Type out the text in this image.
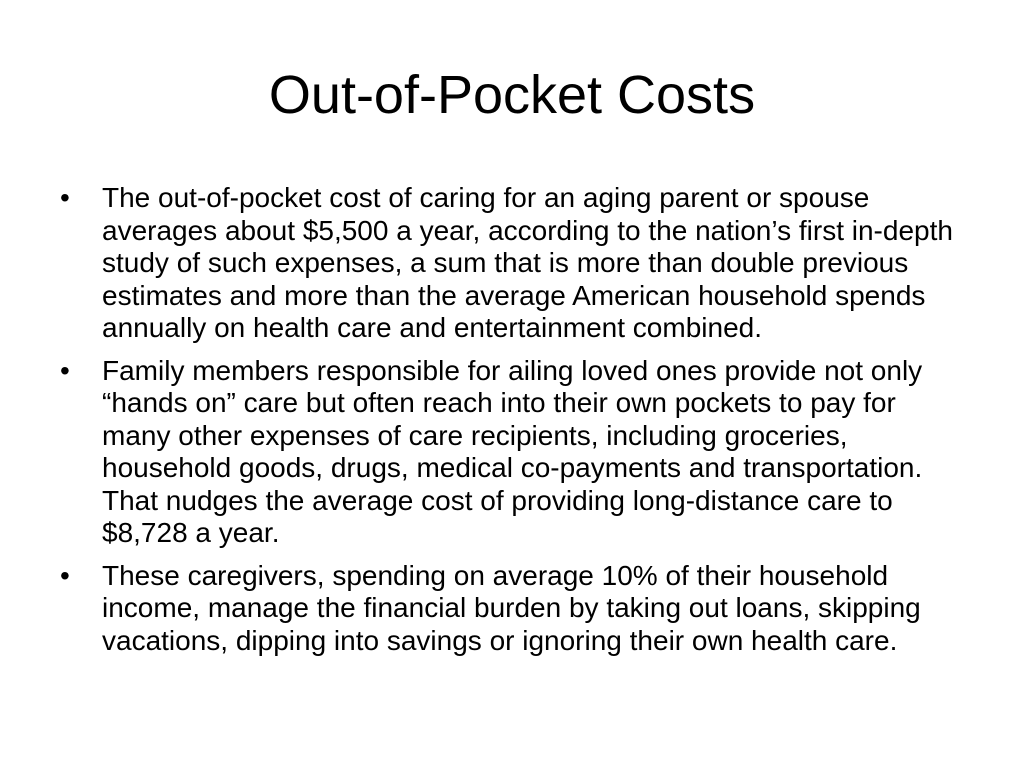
Out-of-Pocket Costs
•	The out-of-pocket cost of caring for an aging parent or spouse averages about $5,500 a year, according to the nation’s first in-depth study of such expenses, a sum that is more than double previous estimates and more than the average American household spends annually on health care and entertainment combined.
•	Family members responsible for ailing loved ones provide not only “hands on” care but often reach into their own pockets to pay for many other expenses of care recipients, including groceries, household goods, drugs, medical co-payments and transportation. That nudges the average cost of providing long-distance care to $8,728 a year.
•	These caregivers, spending on average 10% of their household income, manage the financial burden by taking out loans, skipping vacations, dipping into savings or ignoring their own health care.
